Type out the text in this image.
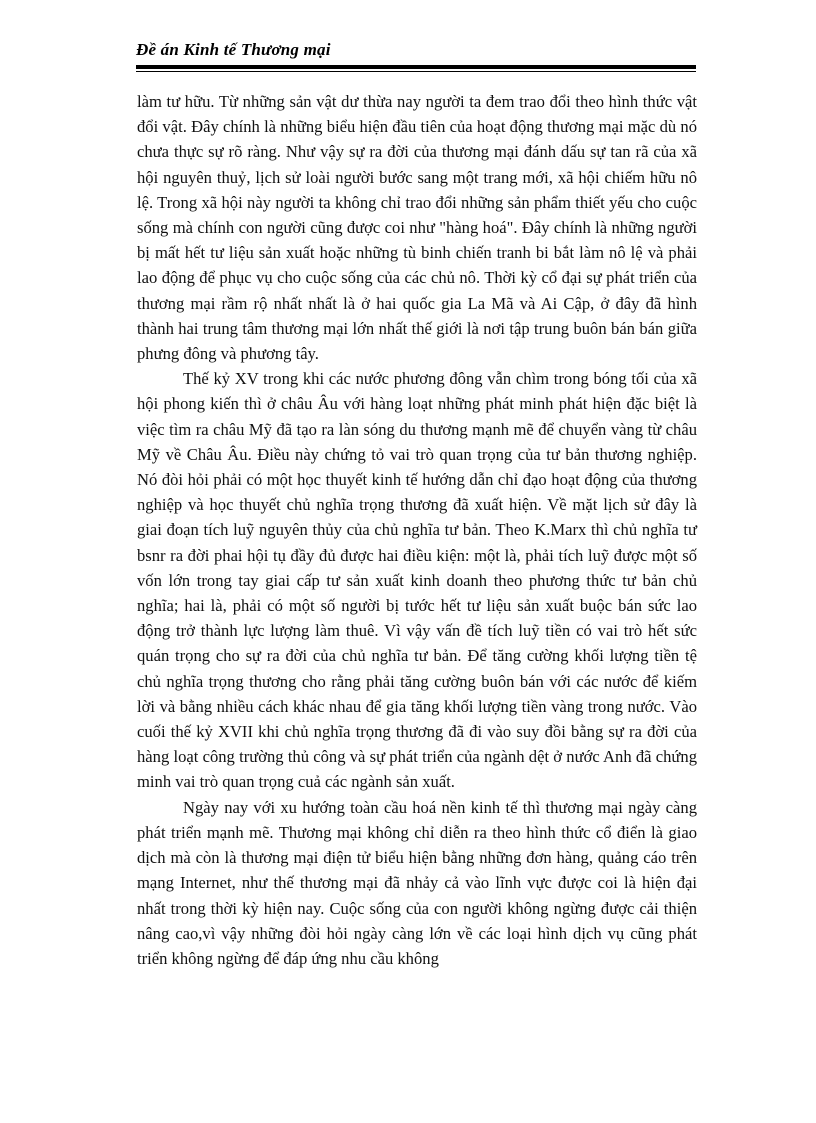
Đề án Kinh tế Thương mại

làm tư hữu. Từ những sản vật dư thừa nay người ta đem trao đổi theo hình thức vật đổi vật. Đây chính là những biểu hiện đầu tiên của hoạt động thương mại mặc dù nó chưa thực sự rõ ràng. Như vậy sự ra đời của thương mại đánh dấu sự tan rã của xã hội nguyên thuỷ, lịch sử loài người bước sang một trang mới, xã hội chiếm hữu nô lệ. Trong xã hội này người ta không chỉ trao đổi những sản phẩm thiết yếu cho cuộc sống mà chính con người cũng được coi như "hàng hoá". Đây chính là những người bị mất hết tư liệu sản xuất hoặc những tù binh chiến tranh bi bắt làm nô lệ và phải lao động để phục vụ cho cuộc sống của các chủ nô. Thời kỳ cổ đại sự phát triển của thương mại rầm rộ nhất nhất là ở hai quốc gia La Mã và Ai Cập, ở đây đã hình thành hai trung tâm thương mại lớn nhất thế giới là nơi tập trung buôn bán bán giữa phưng đông và phương tây.

Thế kỷ XV trong khi các nước phương đông vẫn chìm trong bóng tối của xã hội phong kiến thì ở châu Âu với hàng loạt những phát minh phát hiện đặc biệt là việc tìm ra châu Mỹ đã tạo ra làn sóng du thương mạnh mẽ để chuyển vàng từ châu Mỹ về Châu Âu. Điều này chứng tỏ vai trò quan trọng của tư bản thương nghiệp. Nó đòi hỏi phải có một học thuyết kinh tế hướng dẫn chỉ đạo hoạt động của thương nghiệp và học thuyết chủ nghĩa trọng thương đã xuất hiện. Về mặt lịch sử đây là giai đoạn tích luỹ nguyên thủy của chủ nghĩa tư bản. Theo K.Marx thì chủ nghĩa tư bsnr ra đời phai hội tụ đầy đủ được hai điều kiện: một là, phải tích luỹ được một số vốn lớn trong tay giai cấp tư sản xuất kinh doanh theo phương thức tư bản chủ nghĩa; hai là, phải có một số người bị tước hết tư liệu sản xuất buộc bán sức lao động trở thành lực lượng làm thuê. Vì vậy vấn đề tích luỹ tiền có vai trò hết sức quán trọng cho sự ra đời của chủ nghĩa tư bản. Để tăng cường khối lượng tiền tệ chủ nghĩa trọng thương cho rằng phải tăng cường buôn bán với các nước để kiếm lời và bằng nhiều cách khác nhau để gia tăng khối lượng tiền vàng trong nước. Vào cuối thế kỷ XVII khi chủ nghĩa trọng thương đã đi vào suy đồi bằng sự ra đời của hàng loạt công trường thủ công và sự phát triển của ngành dệt ở nước Anh đã chứng minh vai trò quan trọng cuả các ngành sản xuất.

Ngày nay với xu hướng toàn cầu hoá nền kinh tế thì thương mại ngày càng phát triển mạnh mẽ. Thương mại không chỉ diễn ra theo hình thức cổ điển là giao dịch mà còn là thương mại điện tử biểu hiện bằng những đơn hàng, quảng cáo trên mạng Internet, như thế thương mại đã nhảy cả vào lĩnh vực được coi là hiện đại nhất trong thời kỳ hiện nay. Cuộc sống của con người không ngừng được cải thiện nâng cao,vì vậy những đòi hỏi ngày càng lớn về các loại hình dịch vụ cũng phát triển không ngừng để đáp ứng nhu cầu không
